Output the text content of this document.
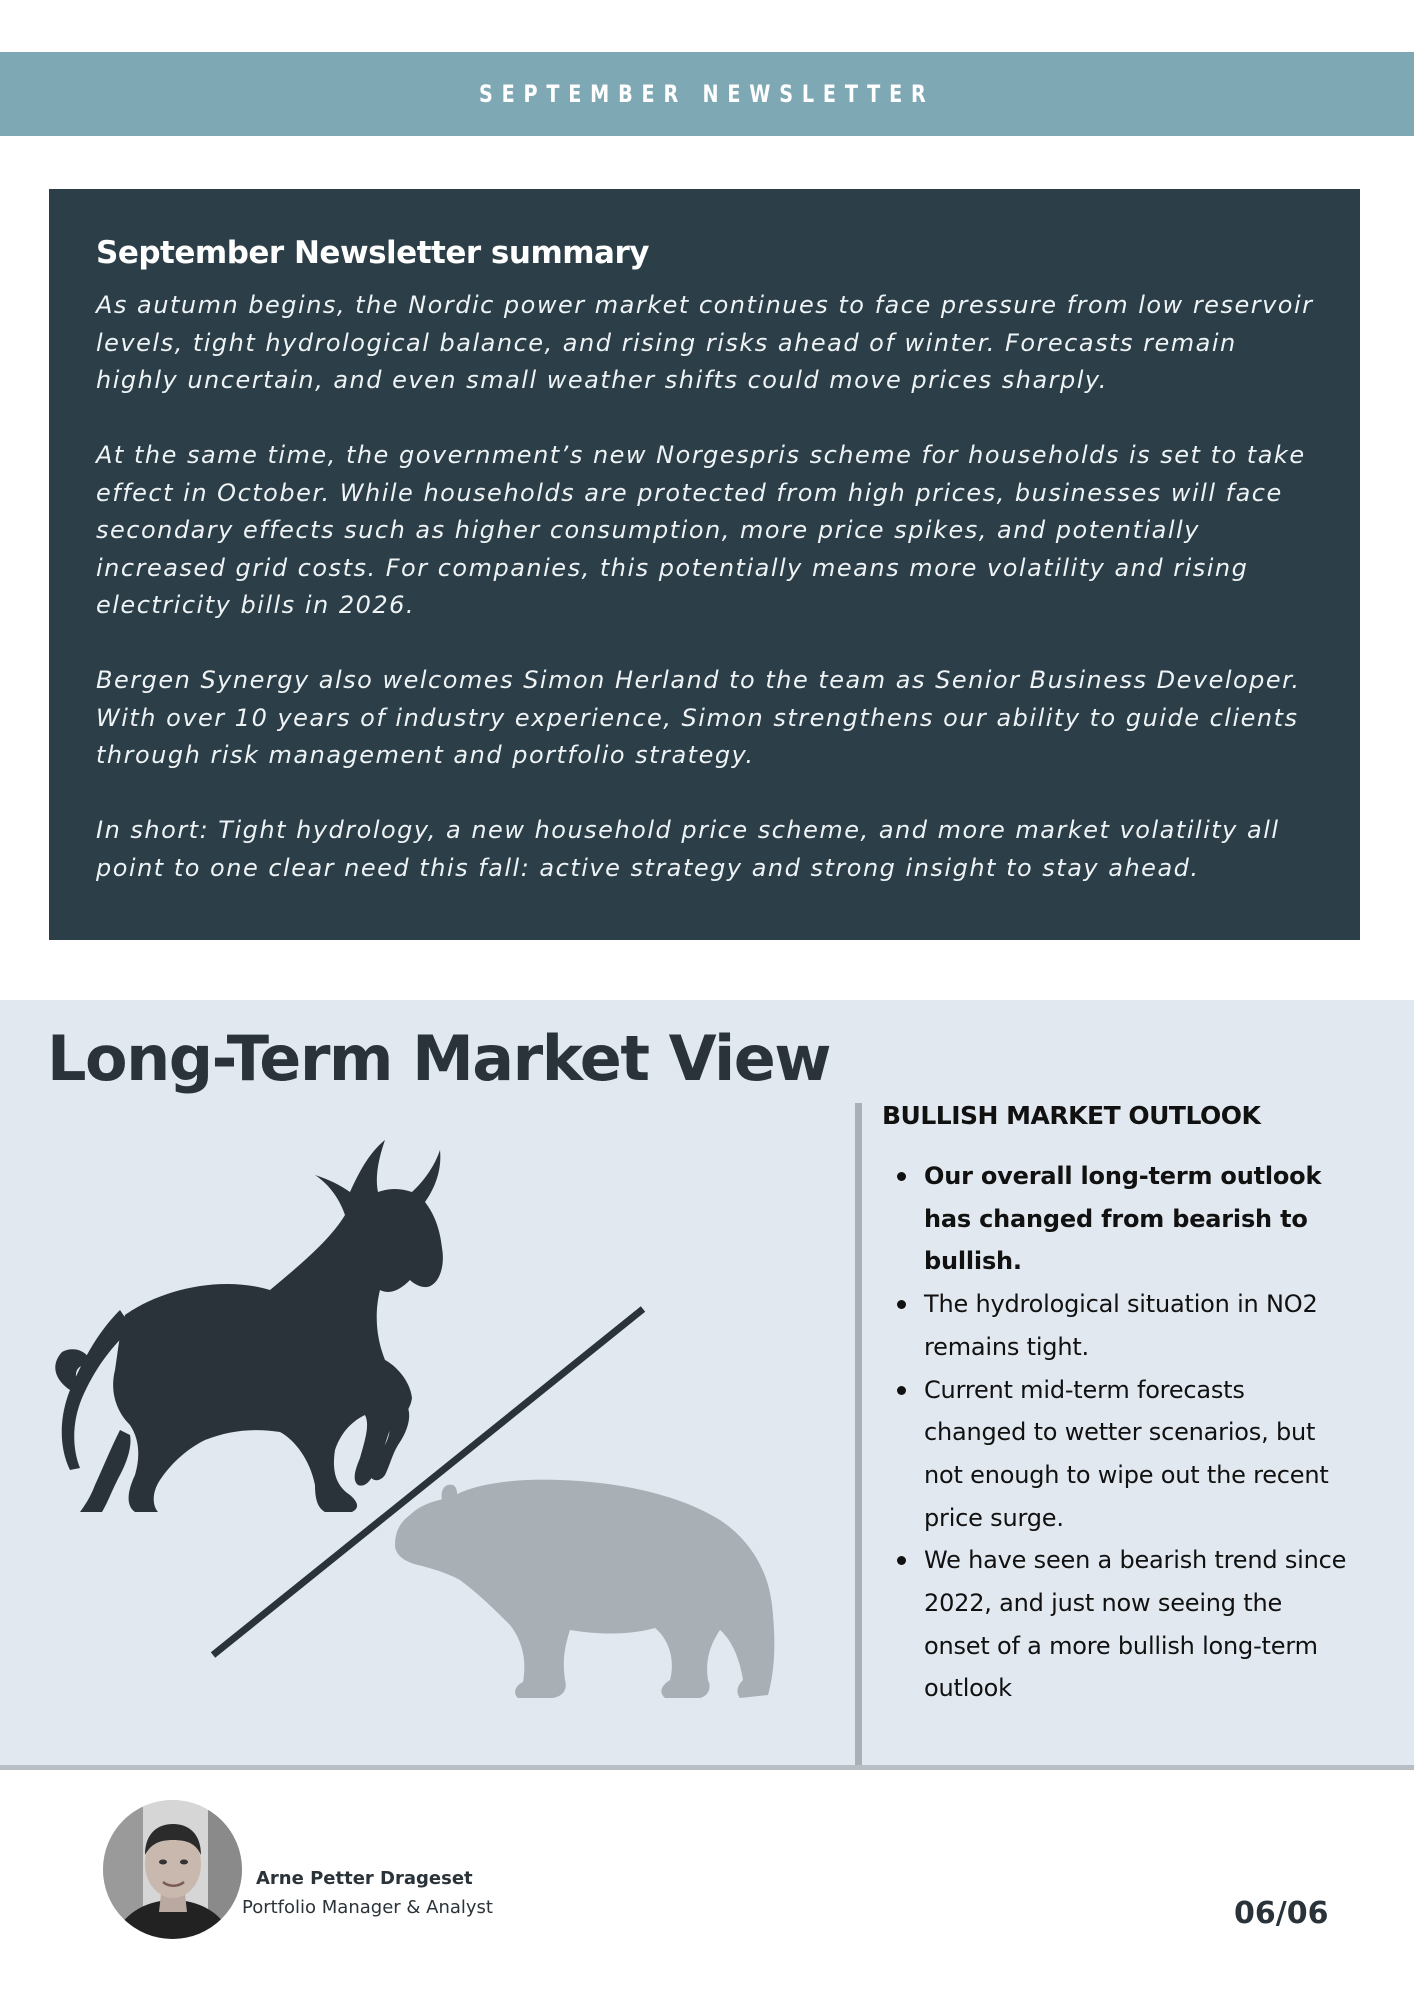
SEPTEMBER NEWSLETTER
September Newsletter summary

As autumn begins, the Nordic power market continues to face pressure from low reservoir levels, tight hydrological balance, and rising risks ahead of winter. Forecasts remain highly uncertain, and even small weather shifts could move prices sharply.

At the same time, the government’s new Norgespris scheme for households is set to take effect in October. While households are protected from high prices, businesses will face secondary effects such as higher consumption, more price spikes, and potentially increased grid costs. For companies, this potentially means more volatility and rising electricity bills in 2026.

Bergen Synergy also welcomes Simon Herland to the team as Senior Business Developer. With over 10 years of industry experience, Simon strengthens our ability to guide clients through risk management and portfolio strategy.

In short: Tight hydrology, a new household price scheme, and more market volatility all point to one clear need this fall: active strategy and strong insight to stay ahead.

Long-Term Market View
BULLISH MARKET OUTLOOK
Our overall long-term outlook has changed from bearish to bullish.
The hydrological situation in NO2 remains tight.
Current mid-term forecasts changed to wetter scenarios, but not enough to wipe out the recent price surge.
We have seen a bearish trend since 2022, and just now seeing the onset of a more bullish long-term outlook
Arne Petter Drageset
Portfolio Manager & Analyst	06/06
